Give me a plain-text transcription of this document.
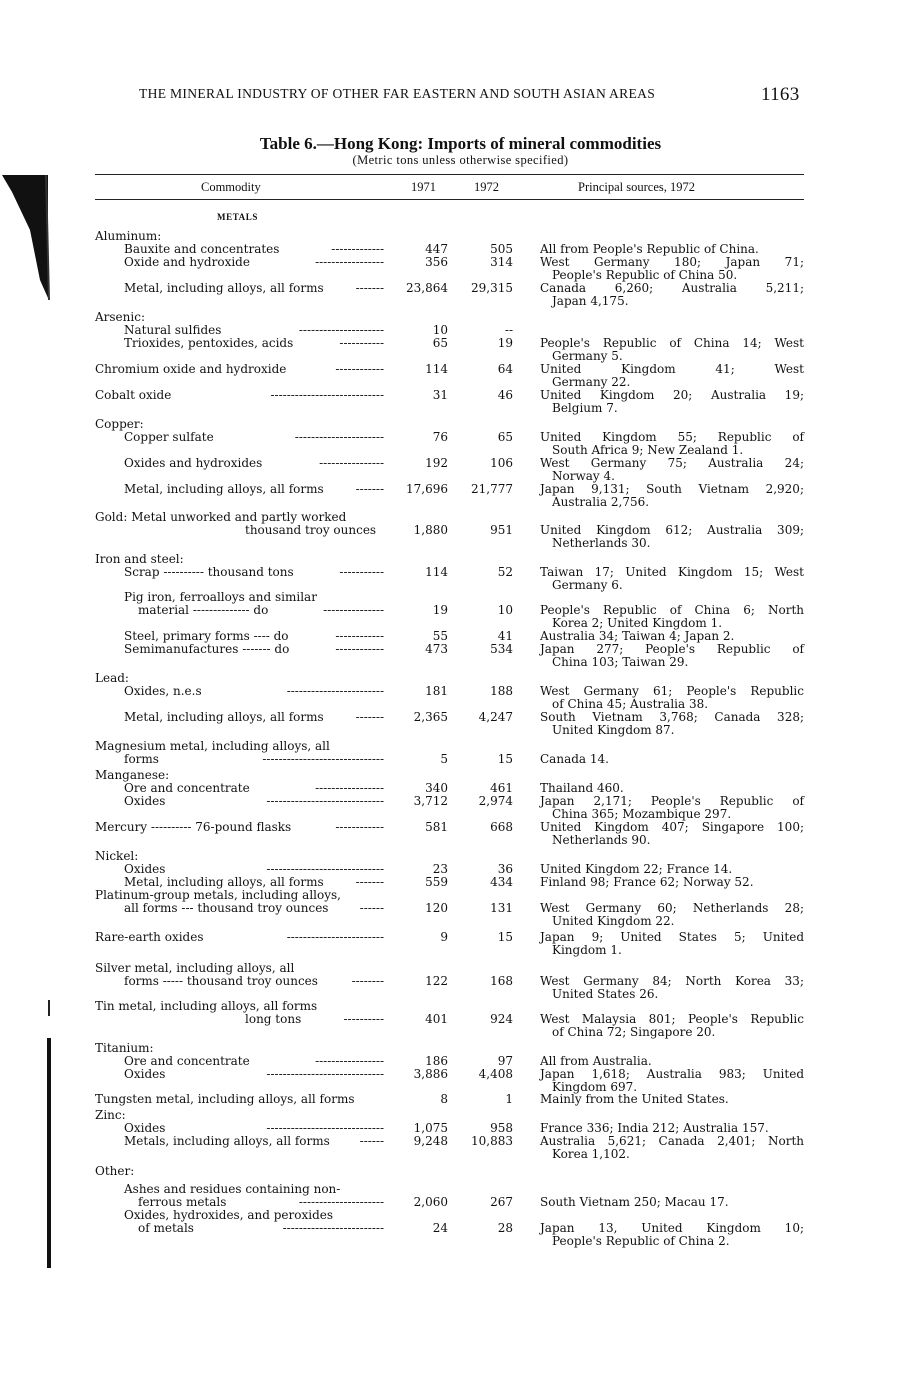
THE MINERAL INDUSTRY OF OTHER FAR EASTERN AND SOUTH ASIAN AREAS	1163
Table 6.—Hong Kong: Imports of mineral commodities
(Metric tons unless otherwise specified)
Commodity	1971	1972	Principal sources, 1972
METALS
Aluminum:
Bauxite and concentrates	-------------	447	505 All from People's Republic of China.
Oxide and hydroxide	-----------------	356	314 West Germany 180; Japan 71;
People's Republic of China 50.
Metal, including alloys, all forms	------- 23,864 29,315 Canada 6,260; Australia 5,211;
Japan 4,175.
Arsenic:
Natural sulfides	---------------------	10	--
Trioxides, pentoxides, acids	-----------	65	19 People's Republic of China 14; West
Germany 5.
Chromium oxide and hydroxide	------------	114	64 United Kingdom 41; West
Germany 22.
Cobalt oxide	----------------------------	31	46 United Kingdom 20; Australia 19;
Belgium 7.
Copper:
Copper sulfate	----------------------	76	65 United Kingdom 55; Republic of
South Africa 9; New Zealand 1.
Oxides and hydroxides	----------------	192	106 West Germany 75; Australia 24;
Norway 4.
Metal, including alloys, all forms	------- 17,696 21,777 Japan 9,131; South Vietnam 2,920;
Australia 2,756.
Gold: Metal unworked and partly worked
thousand troy ounces	1,880	951 United Kingdom 612; Australia 309;
Netherlands 30.
Iron and steel:
Scrap ---------- thousand tons	-----------	114	52 Taiwan 17; United Kingdom 15; West
Germany 6.
Pig iron, ferroalloys and similar
material -------------- do	---------------	19	10 People's Republic of China 6; North
Korea 2; United Kingdom 1.
Steel, primary forms ---- do	------------	55	41 Australia 34; Taiwan 4; Japan 2.
Semimanufactures ------- do	------------	473	534 Japan 277; People's Republic of
China 103; Taiwan 29.
Lead:
Oxides, n.e.s	------------------------	181	188 West Germany 61; People's Republic
of China 45; Australia 38.
Metal, including alloys, all forms	------- 2,365	4,247 South Vietnam 3,768; Canada 328;
United Kingdom 87.
Magnesium metal, including alloys, all
forms	------------------------------	5	15 Canada 14.
Manganese:
Ore and concentrate	-----------------	340	461 Thailand 460.
Oxides	----------------------------- 3,712	2,974 Japan 2,171; People's Republic of
China 365; Mozambique 297.
Mercury ---------- 76-pound flasks	------------	581	668 United Kingdom 407; Singapore 100;
Netherlands 90.
Nickel:
Oxides	-----------------------------	23	36 United Kingdom 22; France 14.
Metal, including alloys, all forms	-------	559	434 Finland 98; France 62; Norway 52.
Platinum-group metals, including alloys,
all forms --- thousand troy ounces	------	120	131 West Germany 60; Netherlands 28;
United Kingdom 22.
Rare-earth oxides	------------------------	9	15 Japan 9; United States 5; United
Kingdom 1.
Silver metal, including alloys, all
forms ----- thousand troy ounces	--------	122	168 West Germany 84; North Korea 33;
United States 26.
Tin metal, including alloys, all forms
long tons	----------	401	924 West Malaysia 801; People's Republic
of China 72; Singapore 20.
Titanium:
Ore and concentrate	-----------------	186	97 All from Australia.
Oxides	----------------------------- 3,886	4,408 Japan 1,618; Australia 983; United
Kingdom 697.
Tungsten metal, including alloys, all forms	8	1 Mainly from the United States.
Zinc:
Oxides	----------------------------- 1,075	958 France 336; India 212; Australia 157.
Metals, including alloys, all forms	------ 9,248 10,883 Australia 5,621; Canada 2,401; North
Korea 1,102.
Other:
Ashes and residues containing non-
ferrous metals	--------------------- 2,060	267 South Vietnam 250; Macau 17.
Oxides, hydroxides, and peroxides
of metals	-------------------------	24	28 Japan 13, United Kingdom 10;
People's Republic of China 2.
